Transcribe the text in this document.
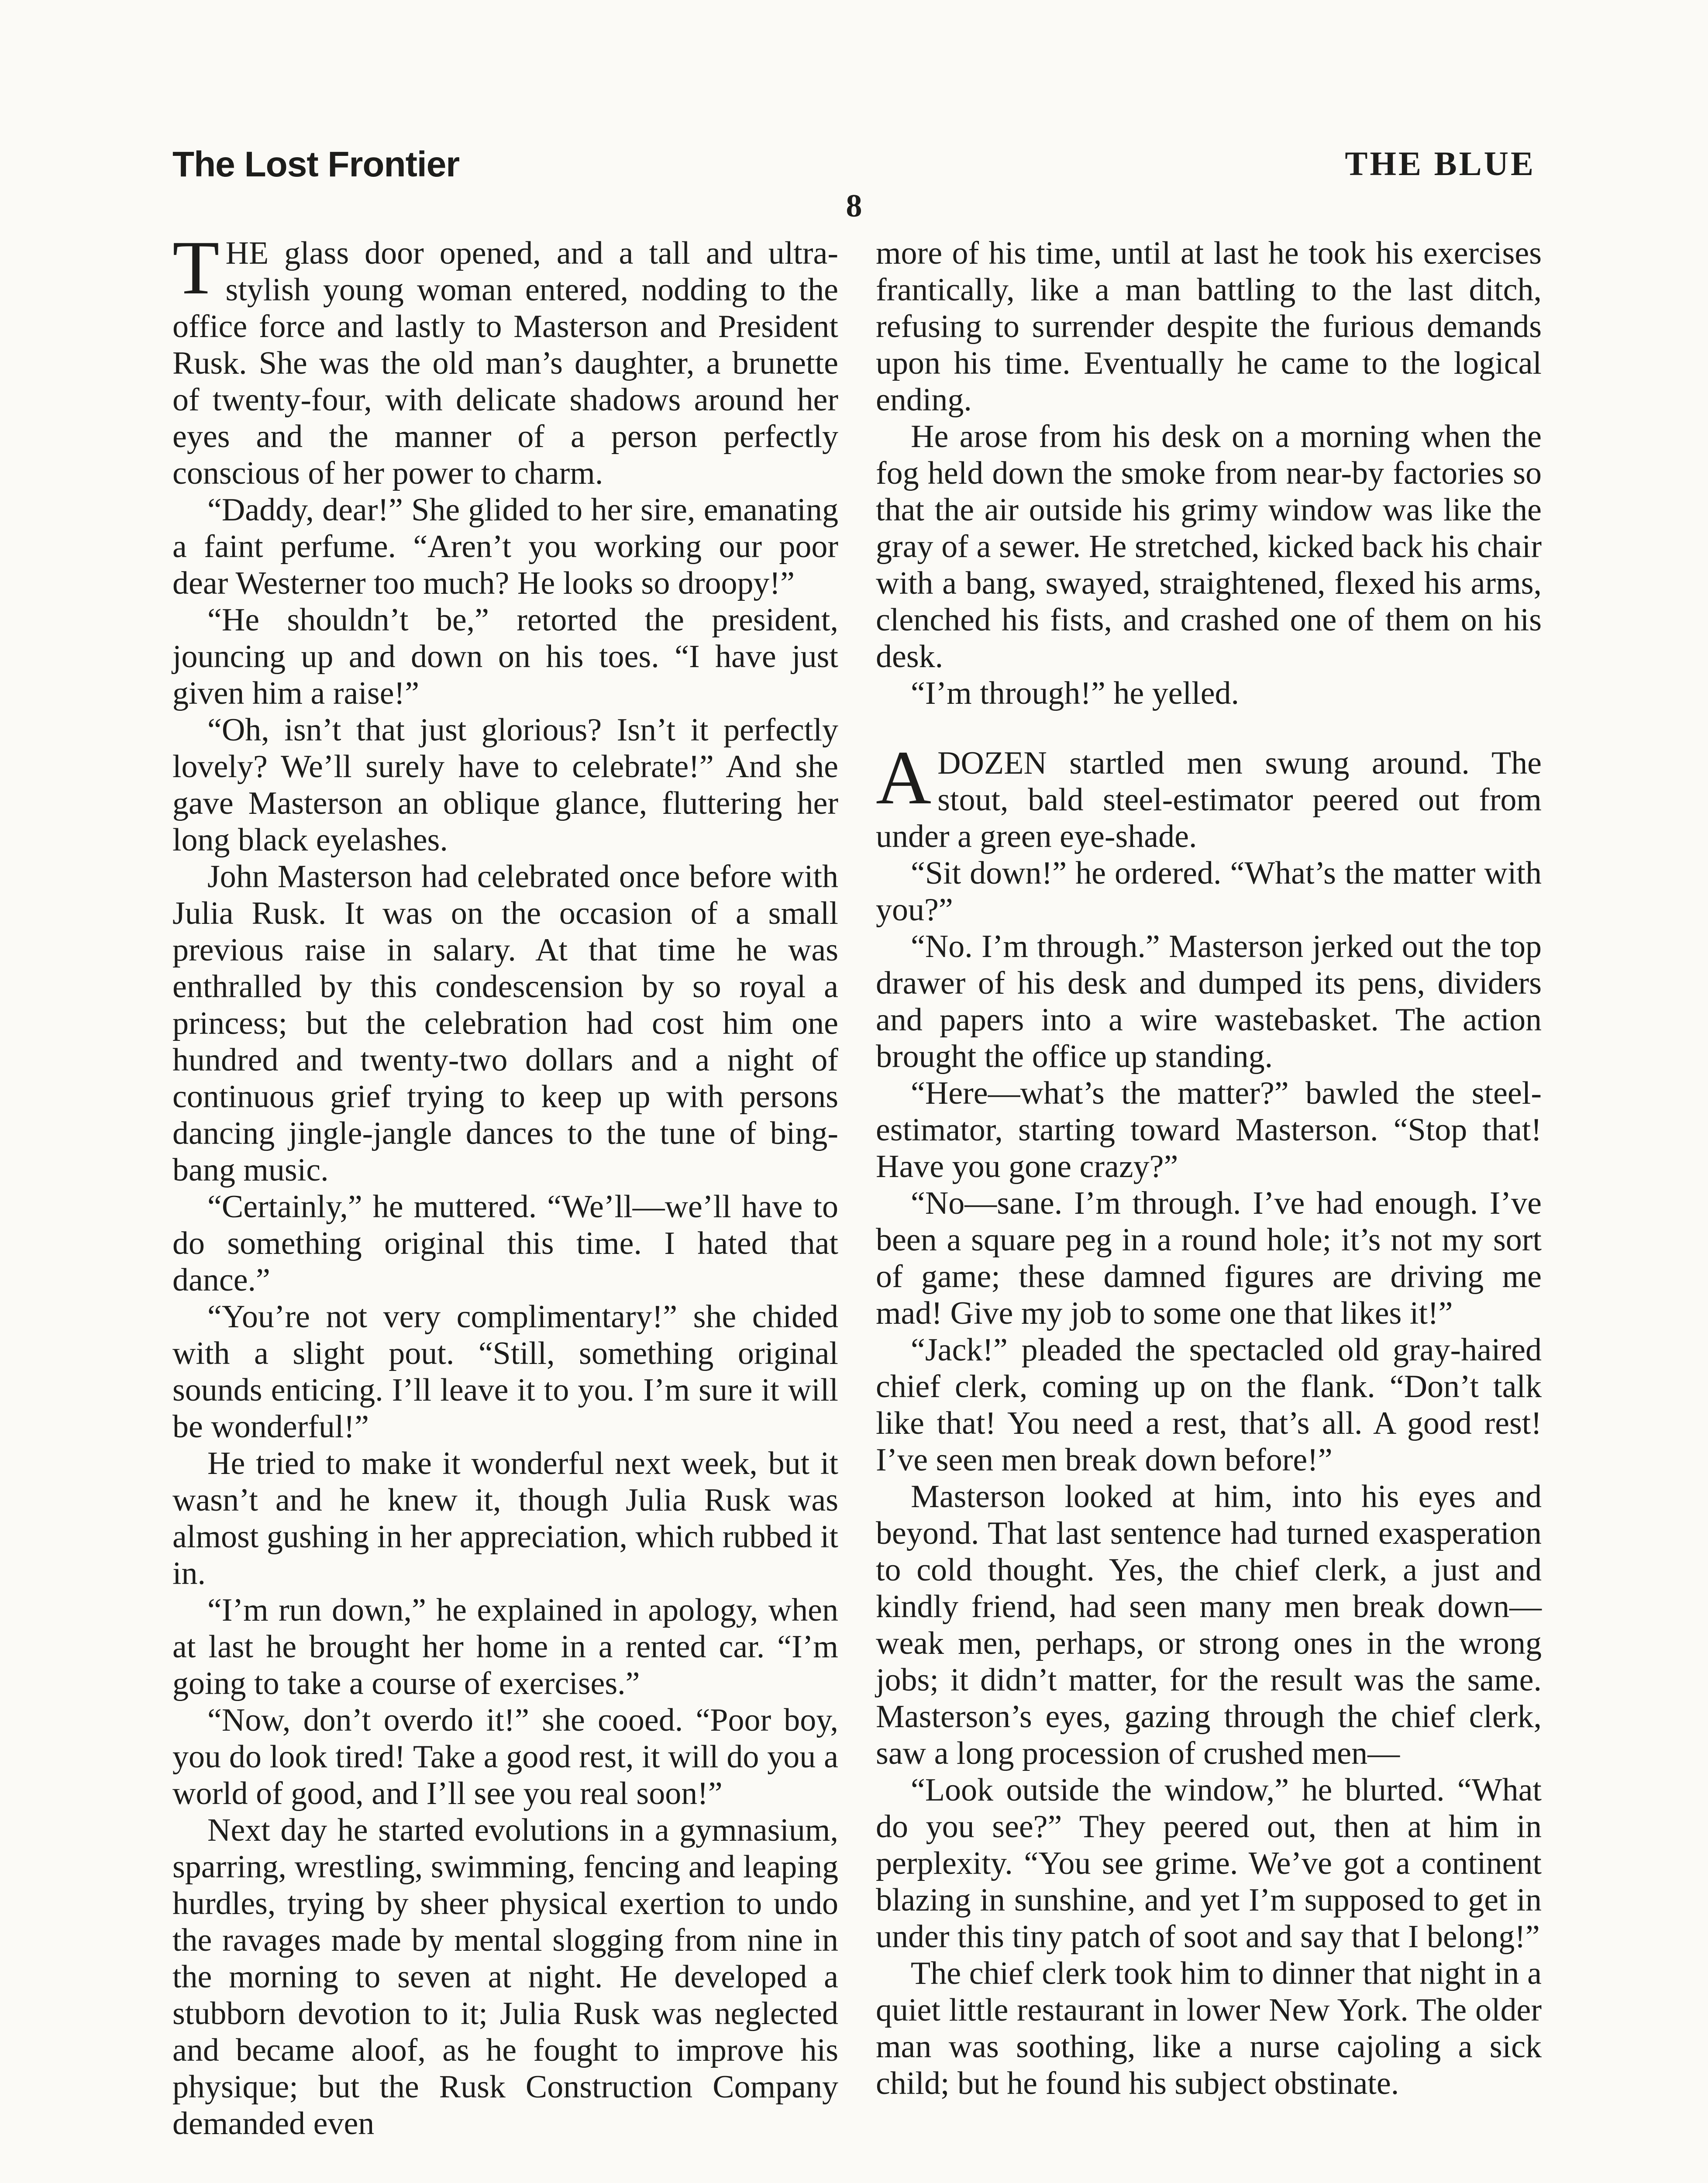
The Lost Frontier	THE BLUE
8

THE glass door opened, and a tall and ultra-stylish young woman entered, nodding to the office force and lastly to Masterson and President Rusk. She was the old man’s daughter, a brunette of twenty-four, with delicate shadows around her eyes and the manner of a person perfectly conscious of her power to charm.

“Daddy, dear!” She glided to her sire, emanating a faint perfume. “Aren’t you working our poor dear Westerner too much? He looks so droopy!”

“He shouldn’t be,” retorted the president, jouncing up and down on his toes. “I have just given him a raise!”

“Oh, isn’t that just glorious? Isn’t it perfectly lovely? We’ll surely have to celebrate!” And she gave Masterson an oblique glance, fluttering her long black eyelashes.

John Masterson had celebrated once before with Julia Rusk. It was on the occasion of a small previous raise in salary. At that time he was enthralled by this condescension by so royal a princess; but the celebration had cost him one hundred and twenty-two dollars and a night of continuous grief trying to keep up with persons dancing jingle-jangle dances to the tune of bing-bang music.

“Certainly,” he muttered. “We’ll—we’ll have to do something original this time. I hated that dance.”

“You’re not very complimentary!” she chided with a slight pout. “Still, something original sounds enticing. I’ll leave it to you. I’m sure it will be wonderful!”

He tried to make it wonderful next week, but it wasn’t and he knew it, though Julia Rusk was almost gushing in her appreciation, which rubbed it in.

“I’m run down,” he explained in apology, when at last he brought her home in a rented car. “I’m going to take a course of exercises.”

“Now, don’t overdo it!” she cooed. “Poor boy, you do look tired! Take a good rest, it will do you a world of good, and I’ll see you real soon!”

Next day he started evolutions in a gymnasium, sparring, wrestling, swimming, fencing and leaping hurdles, trying by sheer physical exertion to undo the ravages made by mental slogging from nine in the morning to seven at night. He developed a stubborn devotion to it; Julia Rusk was neglected and became aloof, as he fought to improve his physique; but the Rusk Construction Company demanded even

more of his time, until at last he took his exercises frantically, like a man battling to the last ditch, refusing to surrender despite the furious demands upon his time. Eventually he came to the logical ending.

He arose from his desk on a morning when the fog held down the smoke from near-by factories so that the air outside his grimy window was like the gray of a sewer. He stretched, kicked back his chair with a bang, swayed, straightened, flexed his arms, clenched his fists, and crashed one of them on his desk.

“I’m through!” he yelled.

ADOZEN startled men swung around. The stout, bald steel-estimator peered out from under a green eye-shade.

“Sit down!” he ordered. “What’s the matter with you?”

“No. I’m through.” Masterson jerked out the top drawer of his desk and dumped its pens, dividers and papers into a wire wastebasket. The action brought the office up standing.

“Here—what’s the matter?” bawled the steel-estimator, starting toward Masterson. “Stop that! Have you gone crazy?”

“No—sane. I’m through. I’ve had enough. I’ve been a square peg in a round hole; it’s not my sort of game; these damned figures are driving me mad! Give my job to some one that likes it!”

“Jack!” pleaded the spectacled old gray-haired chief clerk, coming up on the flank. “Don’t talk like that! You need a rest, that’s all. A good rest! I’ve seen men break down before!”

Masterson looked at him, into his eyes and beyond. That last sentence had turned exasperation to cold thought. Yes, the chief clerk, a just and kindly friend, had seen many men break down—weak men, perhaps, or strong ones in the wrong jobs; it didn’t matter, for the result was the same. Masterson’s eyes, gazing through the chief clerk, saw a long procession of crushed men—

“Look outside the window,” he blurted. “What do you see?” They peered out, then at him in perplexity. “You see grime. We’ve got a continent blazing in sunshine, and yet I’m supposed to get in under this tiny patch of soot and say that I belong!”

The chief clerk took him to dinner that night in a quiet little restaurant in lower New York. The older man was soothing, like a nurse cajoling a sick child; but he found his subject obstinate.
